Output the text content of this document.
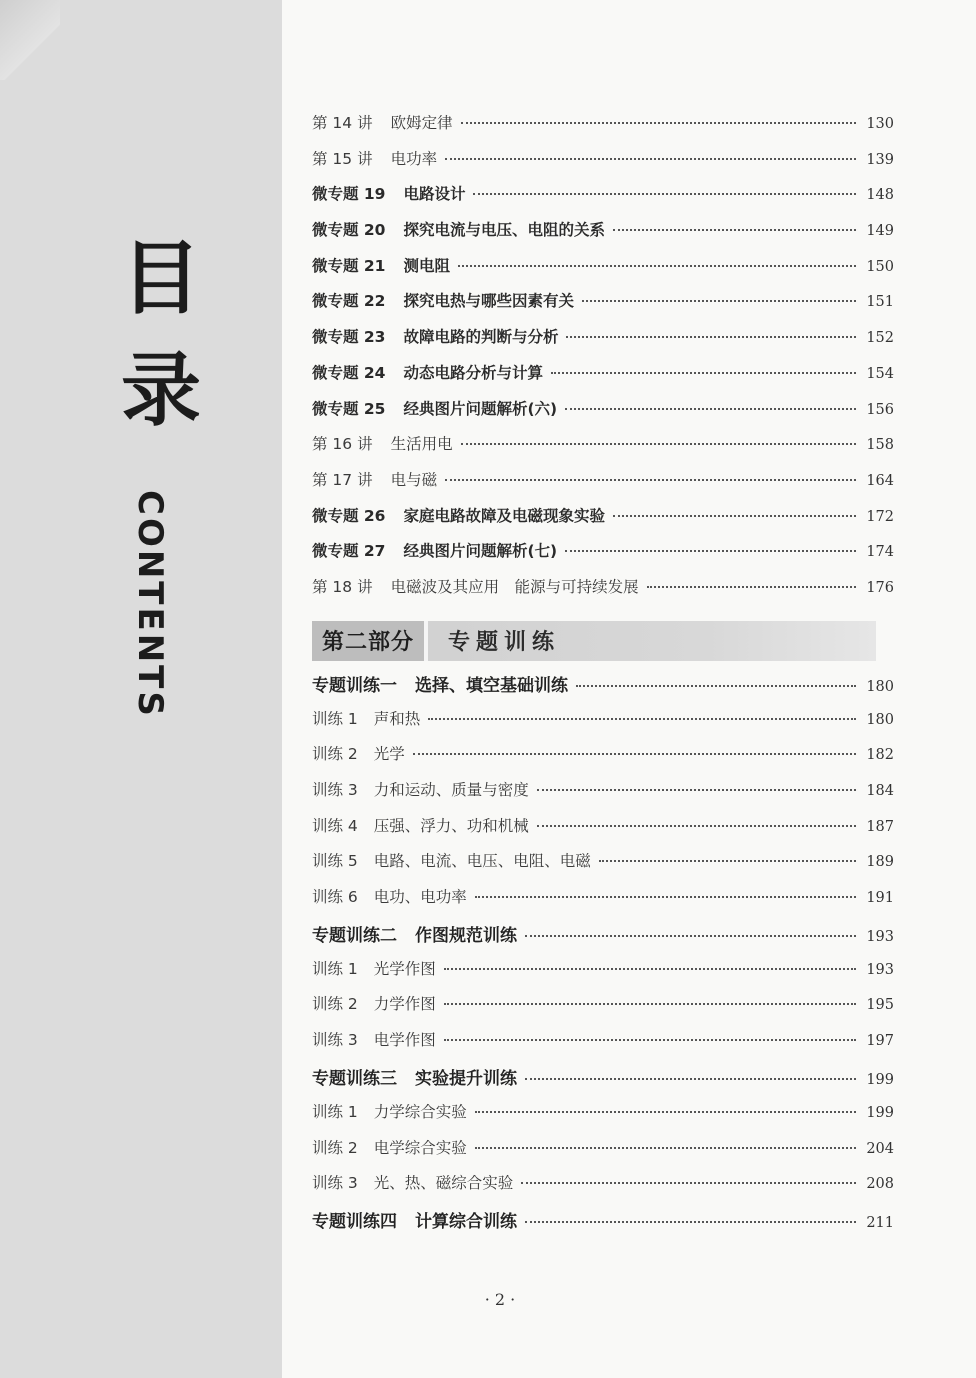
目
录
CONTENTS
第 14 讲	欧姆定律	130
第 15 讲	电功率	139
微专题 19	电路设计	148
微专题 20	探究电流与电压、电阻的关系	149
微专题 21	测电阻	150
微专题 22	探究电热与哪些因素有关	151
微专题 23	故障电路的判断与分析	152
微专题 24	动态电路分析与计算	154
微专题 25	经典图片问题解析(六)	156
第 16 讲	生活用电	158
第 17 讲	电与磁	164
微专题 26	家庭电路故障及电磁现象实验	172
微专题 27	经典图片问题解析(七)	174
第 18 讲	电磁波及其应用　能源与可持续发展	176
第二部分	专题训练
专题训练一	选择、填空基础训练	180
训练 1	声和热	180
训练 2	光学	182
训练 3	力和运动、质量与密度	184
训练 4	压强、浮力、功和机械	187
训练 5	电路、电流、电压、电阻、电磁	189
训练 6	电功、电功率	191
专题训练二	作图规范训练	193
训练 1	光学作图	193
训练 2	力学作图	195
训练 3	电学作图	197
专题训练三	实验提升训练	199
训练 1	力学综合实验	199
训练 2	电学综合实验	204
训练 3	光、热、磁综合实验	208
专题训练四	计算综合训练	211
· 2 ·
